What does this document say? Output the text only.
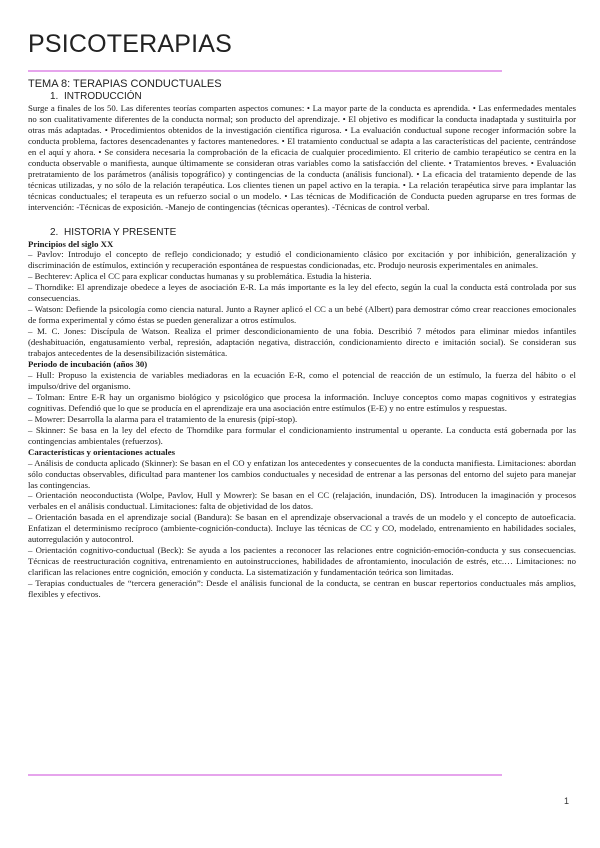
PSICOTERAPIAS
TEMA 8: TERAPIAS CONDUCTUALES
1. INTRODUCCIÓN

Surge a finales de los 50. Las diferentes teorías comparten aspectos comunes: • La mayor parte de la conducta es aprendida. • Las enfermedades mentales no son cualitativamente diferentes de la conducta normal; son producto del aprendizaje. • El objetivo es modificar la conducta inadaptada y sustituirla por otras más adaptadas. • Procedimientos obtenidos de la investigación científica rigurosa. • La evaluación conductual supone recoger información sobre la conducta problema, factores desencadenantes y factores mantenedores. • El tratamiento conductual se adapta a las características del paciente, centrándose en el aquí y ahora. • Se considera necesaria la comprobación de la eficacia de cualquier procedimiento. El criterio de cambio terapéutico se centra en la conducta observable o manifiesta, aunque últimamente se consideran otras variables como la satisfacción del cliente. • Tratamientos breves. • Evaluación pretratamiento de los parámetros (análisis topográfico) y contingencias de la conducta (análisis funcional). • La eficacia del tratamiento depende de las técnicas utilizadas, y no sólo de la relación terapéutica. Los clientes tienen un papel activo en la terapia. • La relación terapéutica sirve para implantar las técnicas conductuales; el terapeuta es un refuerzo social o un modelo. • Las técnicas de Modificación de Conducta pueden agruparse en tres formas de intervención: -Técnicas de exposición. -Manejo de contingencias (técnicas operantes). -Técnicas de control verbal.

2. HISTORIA Y PRESENTE

Principios del siglo XX

– Pavlov: Introdujo el concepto de reflejo condicionado; y estudió el condicionamiento clásico por excitación y por inhibición, generalización y discriminación de estímulos, extinción y recuperación espontánea de respuestas condicionadas, etc. Produjo neurosis experimentales en animales.

– Bechterev: Aplica el CC para explicar conductas humanas y su problemática. Estudia la histeria.

– Thorndike: El aprendizaje obedece a leyes de asociación E-R. La más importante es la ley del efecto, según la cual la conducta está controlada por sus consecuencias.

– Watson: Defiende la psicología como ciencia natural. Junto a Rayner aplicó el CC a un bebé (Albert) para demostrar cómo crear reacciones emocionales de forma experimental y cómo éstas se pueden generalizar a otros estímulos.

– M. C. Jones: Discípula de Watson. Realiza el primer descondicionamiento de una fobia. Describió 7 métodos para eliminar miedos infantiles (deshabituación, engatusamiento verbal, represión, adaptación negativa, distracción, condicionamiento directo e imitación social). Se consideran sus trabajos antecedentes de la desensibilización sistemática.

Periodo de incubación (años 30)

– Hull: Propuso la existencia de variables mediadoras en la ecuación E-R, como el potencial de reacción de un estímulo, la fuerza del hábito o el impulso/drive del organismo.

– Tolman: Entre E-R hay un organismo biológico y psicológico que procesa la información. Incluye conceptos como mapas cognitivos y estrategias cognitivas. Defendió que lo que se producía en el aprendizaje era una asociación entre estímulos (E-E) y no entre estímulos y respuestas.

– Mowrer: Desarrolla la alarma para el tratamiento de la enuresis (pipí-stop).

– Skinner: Se basa en la ley del efecto de Thorndike para formular el condicionamiento instrumental u operante. La conducta está gobernada por las contingencias ambientales (refuerzos).

Características y orientaciones actuales

– Análisis de conducta aplicado (Skinner): Se basan en el CO y enfatizan los antecedentes y consecuentes de la conducta manifiesta. Limitaciones: abordan sólo conductas observables, dificultad para mantener los cambios conductuales y necesidad de entrenar a las personas del entorno del sujeto para manejar las contingencias.

– Orientación neoconductista (Wolpe, Pavlov, Hull y Mowrer): Se basan en el CC (relajación, inundación, DS). Introducen la imaginación y procesos verbales en el análisis conductual. Limitaciones: falta de objetividad de los datos.

– Orientación basada en el aprendizaje social (Bandura): Se basan en el aprendizaje observacional a través de un modelo y el concepto de autoeficacia. Enfatizan el determinismo recíproco (ambiente-cognición-conducta). Incluye las técnicas de CC y CO, modelado, entrenamiento en habilidades sociales, autorregulación y autocontrol.

– Orientación cognitivo-conductual (Beck): Se ayuda a los pacientes a reconocer las relaciones entre cognición-emoción-conducta y sus consecuencias. Técnicas de reestructuración cognitiva, entrenamiento en autoinstrucciones, habilidades de afrontamiento, inoculación de estrés, etc.… Limitaciones: no clarifican las relaciones entre cognición, emoción y conducta. La sistematización y fundamentación teórica son limitadas.

– Terapias conductuales de “tercera generación”: Desde el análisis funcional de la conducta, se centran en buscar repertorios conductuales más amplios, flexibles y efectivos.

1
